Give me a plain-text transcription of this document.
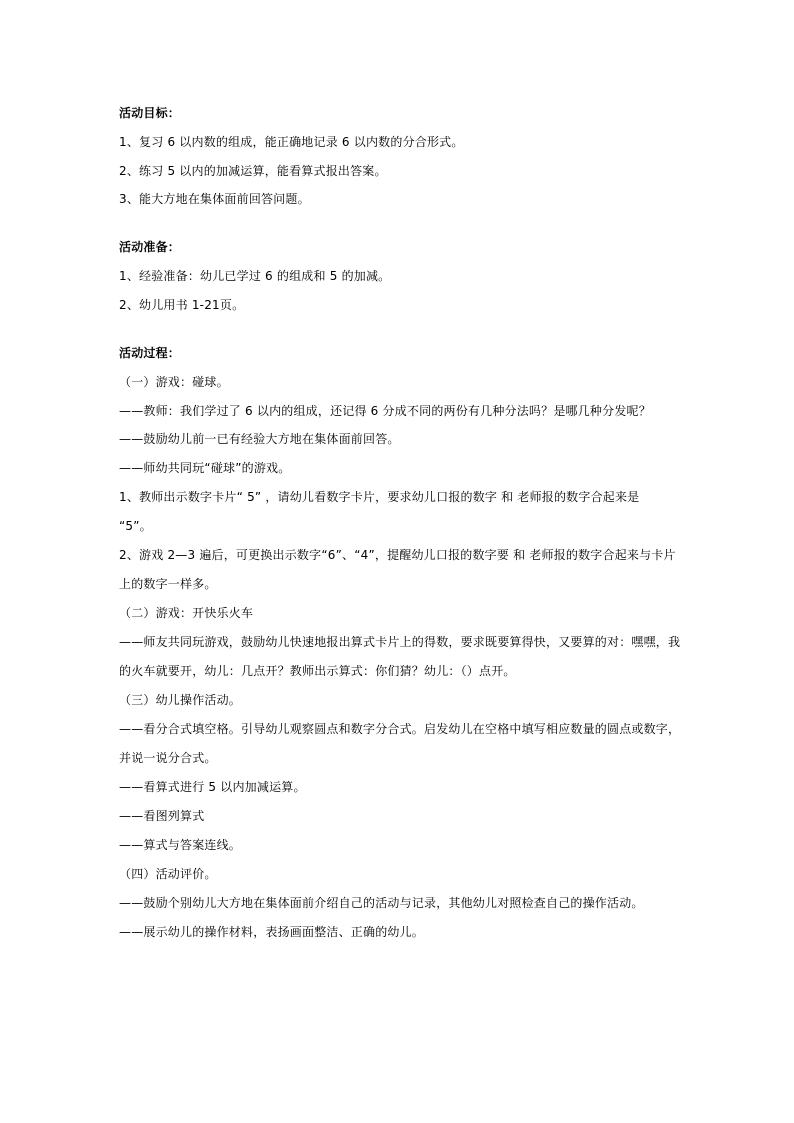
活动目标：
1、复习 6 以内数的组成，能正确地记录 6 以内数的分合形式。
2、练习 5 以内的加减运算，能看算式报出答案。
3、能大方地在集体面前回答问题。
活动准备：
1、经验准备：幼儿已学过 6 的组成和 5 的加减。
2、幼儿用书 1-21页。
活动过程：
（一）游戏：碰球。
——教师：我们学过了 6 以内的组成，还记得 6 分成不同的两份有几种分法吗？是哪几种分发呢？
——鼓励幼儿前一已有经验大方地在集体面前回答。
——师幼共同玩“碰球”的游戏。
1、教师出示数字卡片“ 5” ，请幼儿看数字卡片，要求幼儿口报的数字 和 老师报的数字合起来是
“5”。
2、游戏 2—3 遍后，可更换出示数字“6”、“4”，提醒幼儿口报的数字要 和 老师报的数字合起来与卡片
上的数字一样多。
（二）游戏：开快乐火车
——师友共同玩游戏，鼓励幼儿快速地报出算式卡片上的得数，要求既要算得快，又要算的对：嘿嘿，我
的火车就要开，幼儿：几点开？教师出示算式：你们猜？幼儿：（）点开。
（三）幼儿操作活动。
——看分合式填空格。引导幼儿观察圆点和数字分合式。启发幼儿在空格中填写相应数量的圆点或数字，
并说一说分合式。
——看算式进行 5 以内加减运算。
——看图列算式
——算式与答案连线。
（四）活动评价。
——鼓励个别幼儿大方地在集体面前介绍自己的活动与记录，其他幼儿对照检查自己的操作活动。
——展示幼儿的操作材料，表扬画面整洁、正确的幼儿。
